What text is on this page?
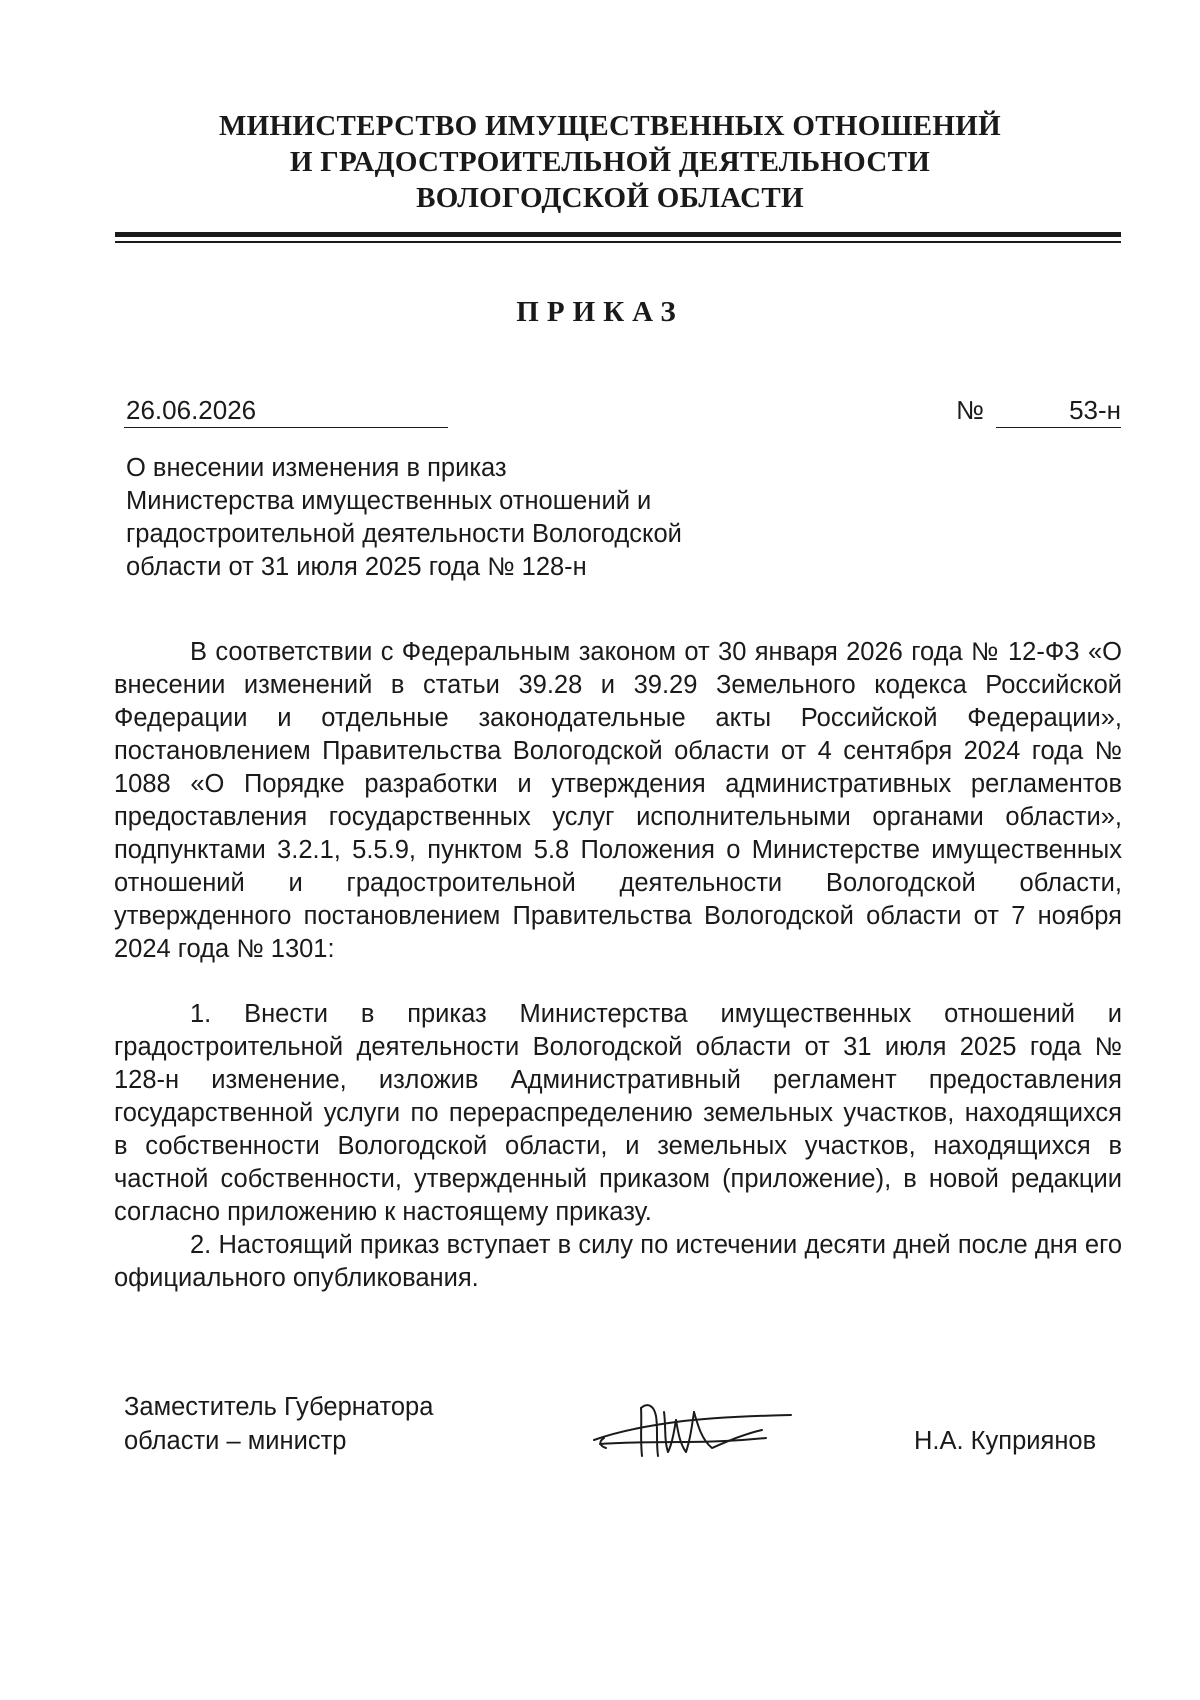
МИНИСТЕРСТВО ИМУЩЕСТВЕННЫХ ОТНОШЕНИЙ
И ГРАДОСТРОИТЕЛЬНОЙ ДЕЯТЕЛЬНОСТИ
ВОЛОГОДСКОЙ ОБЛАСТИ
ПРИКАЗ
26.06.2026	№	53-н
О внесении изменения в приказ
Министерства имущественных отношений и
градостроительной деятельности Вологодской
области от 31 июля 2025 года № 128-н
В соответствии с Федеральным законом от 30 января 2026 года № 12-ФЗ «О внесении изменений в статьи 39.28 и 39.29 Земельного кодекса Российской Федерации и отдельные законодательные акты Российской Федерации», постановлением Правительства Вологодской области от 4 сентября 2024 года № 1088 «О Порядке разработки и утверждения административных регламентов предоставления государственных услуг исполнительными органами области», подпунктами 3.2.1, 5.5.9, пунктом 5.8 Положения о Министерстве имущественных отношений и градостроительной деятельности Вологодской области, утвержденного постановлением Правительства Вологодской области от 7 ноября 2024 года № 1301:
1. Внести в приказ Министерства имущественных отношений и градостроительной деятельности Вологодской области от 31 июля 2025 года № 128-н изменение, изложив Административный регламент предоставления государственной услуги по перераспределению земельных участков, находящихся в собственности Вологодской области, и земельных участков, находящихся в частной собственности, утвержденный приказом (приложение), в новой редакции согласно приложению к настоящему приказу.
2. Настоящий приказ вступает в силу по истечении десяти дней после дня его официального опубликования.
Заместитель Губернатора
области – министр	Н.А. Куприянов
